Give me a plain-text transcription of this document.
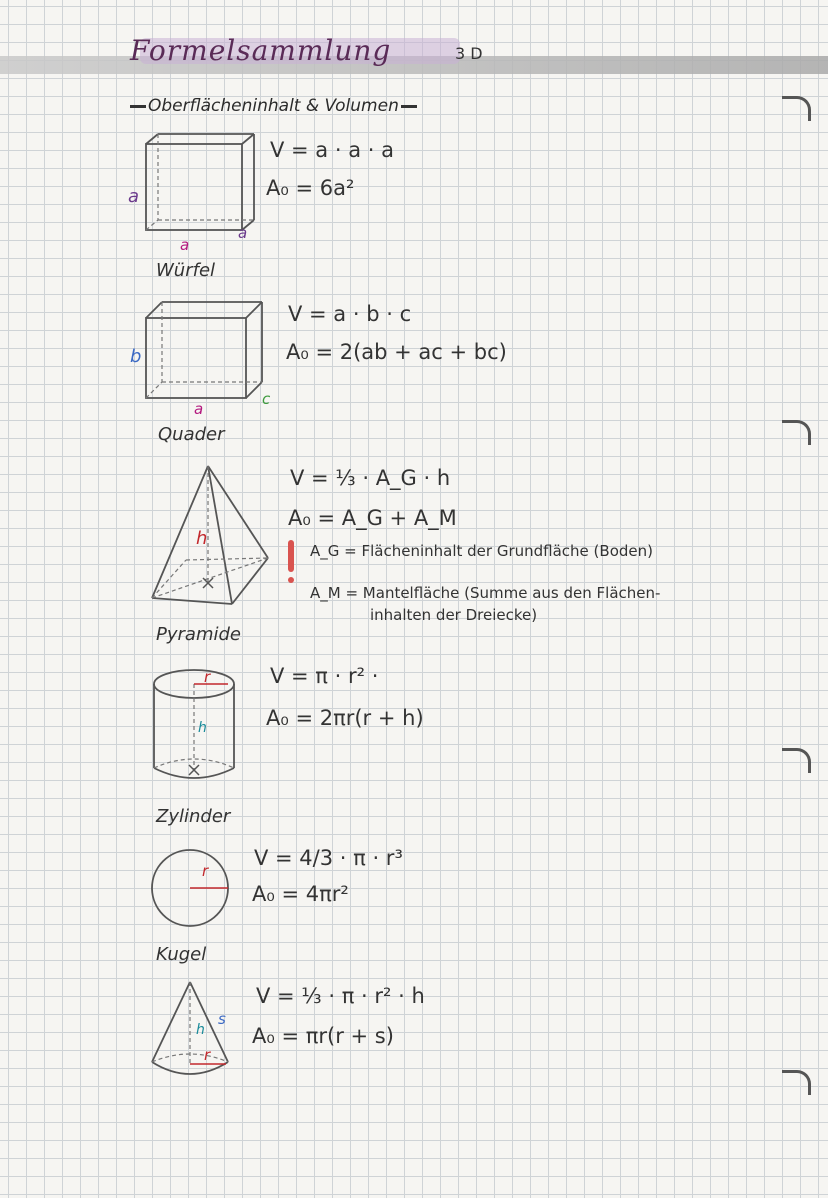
Formelsammlung	3 D
Oberflächeninhalt & Volumen
a
a
a
Würfel
V = a · a · a
A₀ = 6a²
a
b
c
Quader
V = a · b · c
A₀ = 2(ab + ac + bc)
h
Pyramide
V = ⅓ · A_G · h
A₀ = A_G + A_M
A_G = Flächeninhalt der Grundfläche (Boden)
A_M = Mantelfläche (Summe aus den Flächen-
inhalten der Dreiecke)
r
h
Zylinder
V = π · r² ·
A₀ = 2πr(r + h)
r
Kugel
V = 4/3 · π · r³
A₀ = 4πr²
h
s
r
V = ⅓ · π · r² · h
A₀ = πr(r + s)
